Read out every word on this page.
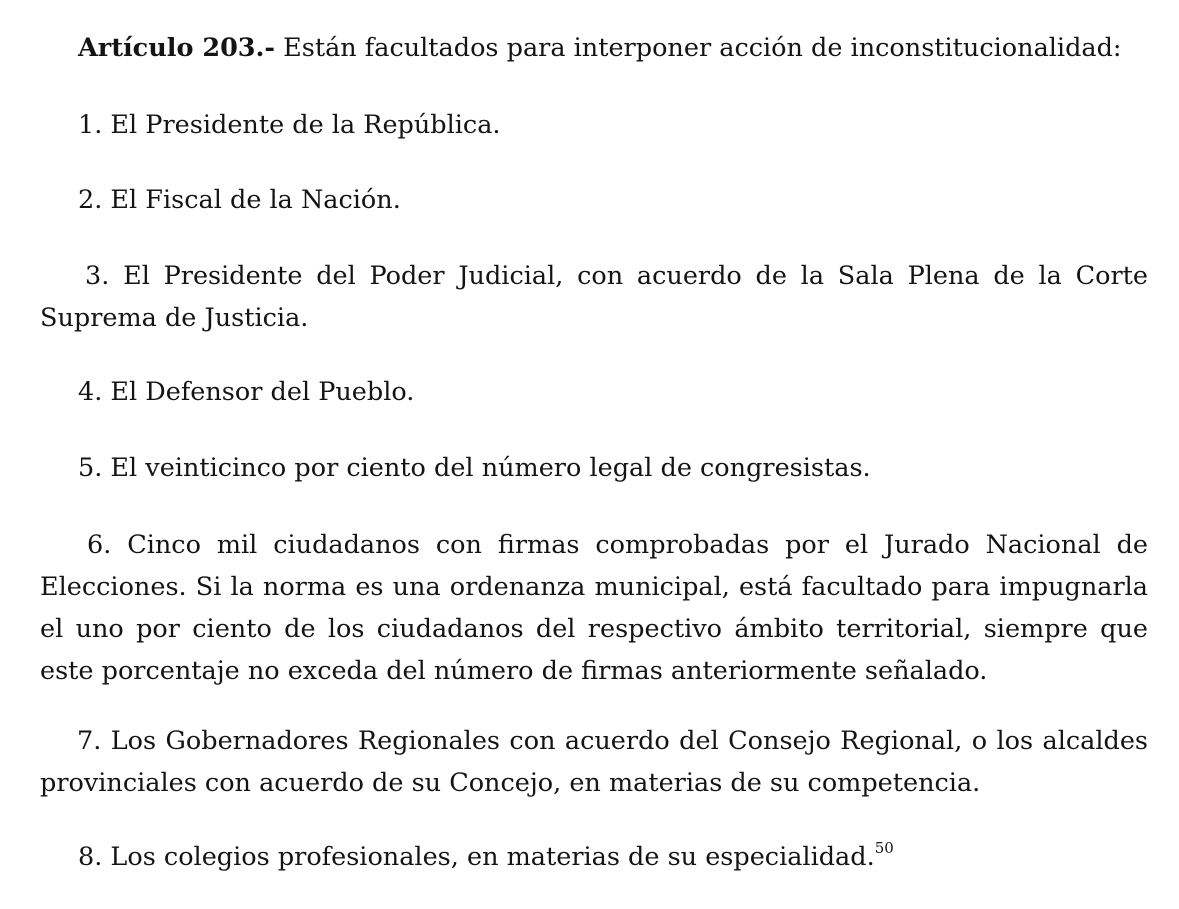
Artículo 203.- Están facultados para interponer acción de inconstitucionalidad:
1. El Presidente de la República.
2. El Fiscal de la Nación.
3. El Presidente del Poder Judicial, con acuerdo de la Sala Plena de la Corte Suprema de Justicia.
4. El Defensor del Pueblo.
5. El veinticinco por ciento del número legal de congresistas.
6. Cinco mil ciudadanos con firmas comprobadas por el Jurado Nacional de Elecciones. Si la norma es una ordenanza municipal, está facultado para impugnarla el uno por ciento de los ciudadanos del respectivo ámbito territorial, siempre que este porcentaje no exceda del número de firmas anteriormente señalado.
7. Los Gobernadores Regionales con acuerdo del Consejo Regional, o los alcaldes provinciales con acuerdo de su Concejo, en materias de su competencia.
8. Los colegios profesionales, en materias de su especialidad.$^{50}$
